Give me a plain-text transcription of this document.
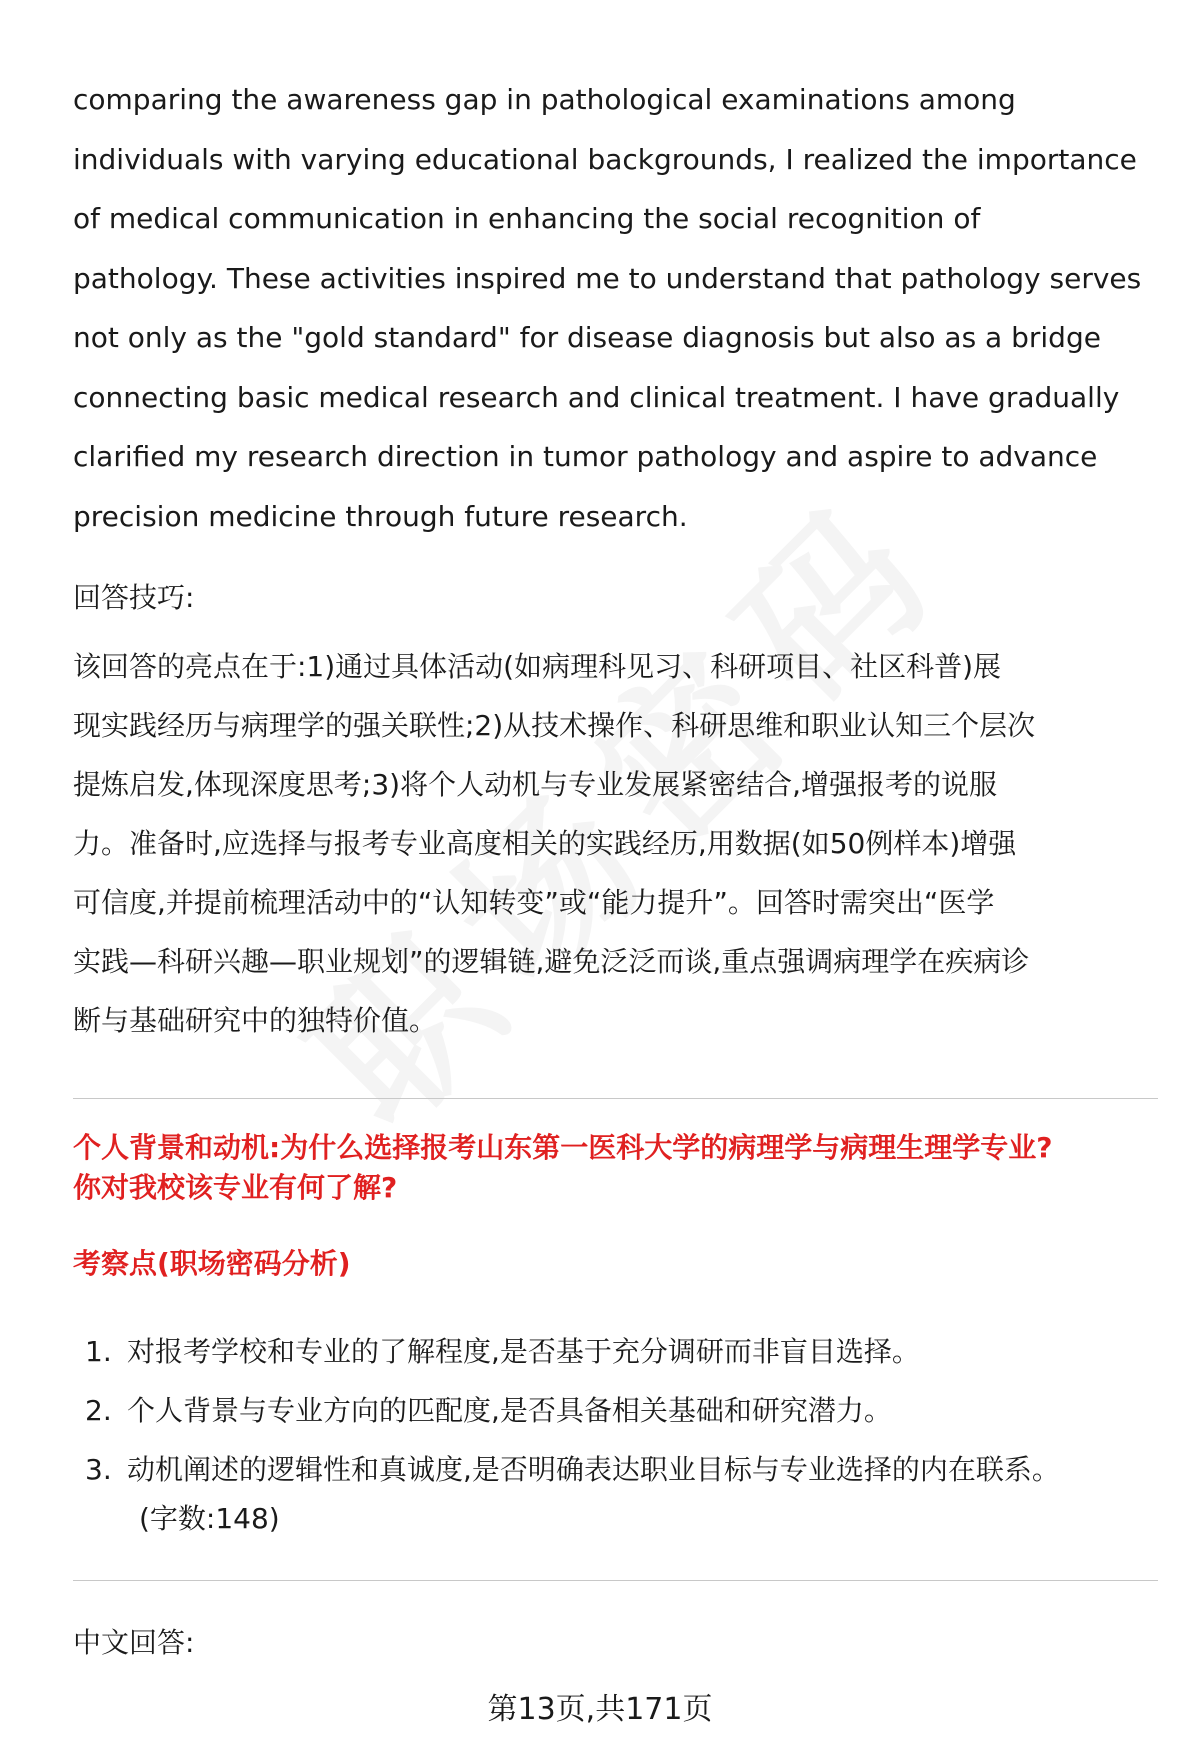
comparing the awareness gap in pathological examinations among
individuals with varying educational backgrounds, I realized the importance
of medical communication in enhancing the social recognition of
pathology. These activities inspired me to understand that pathology serves
not only as the "gold standard" for disease diagnosis but also as a bridge
connecting basic medical research and clinical treatment. I have gradually
clarified my research direction in tumor pathology and aspire to advance
precision medicine through future research.

回答技巧:

该回答的亮点在于:1)通过具体活动(如病理科见习、科研项目、社区科普)展
现实践经历与病理学的强关联性;2)从技术操作、科研思维和职业认知三个层次
提炼启发,体现深度思考;3)将个人动机与专业发展紧密结合,增强报考的说服
力。准备时,应选择与报考专业高度相关的实践经历,用数据(如50例样本)增强
可信度,并提前梳理活动中的“认知转变”或“能力提升”。回答时需突出“医学
实践—科研兴趣—职业规划”的逻辑链,避免泛泛而谈,重点强调病理学在疾病诊
断与基础研究中的独特价值。
个人背景和动机:为什么选择报考山东第一医科大学的病理学与病理生理学专业?
你对我校该专业有何了解?
考察点(职场密码分析)
1. 对报考学校和专业的了解程度,是否基于充分调研而非盲目选择。
2. 个人背景与专业方向的匹配度,是否具备相关基础和研究潜力。
3. 动机阐述的逻辑性和真诚度,是否明确表达职业目标与专业选择的内在联系。

(字数:148)

中文回答:

第13页,共171页
